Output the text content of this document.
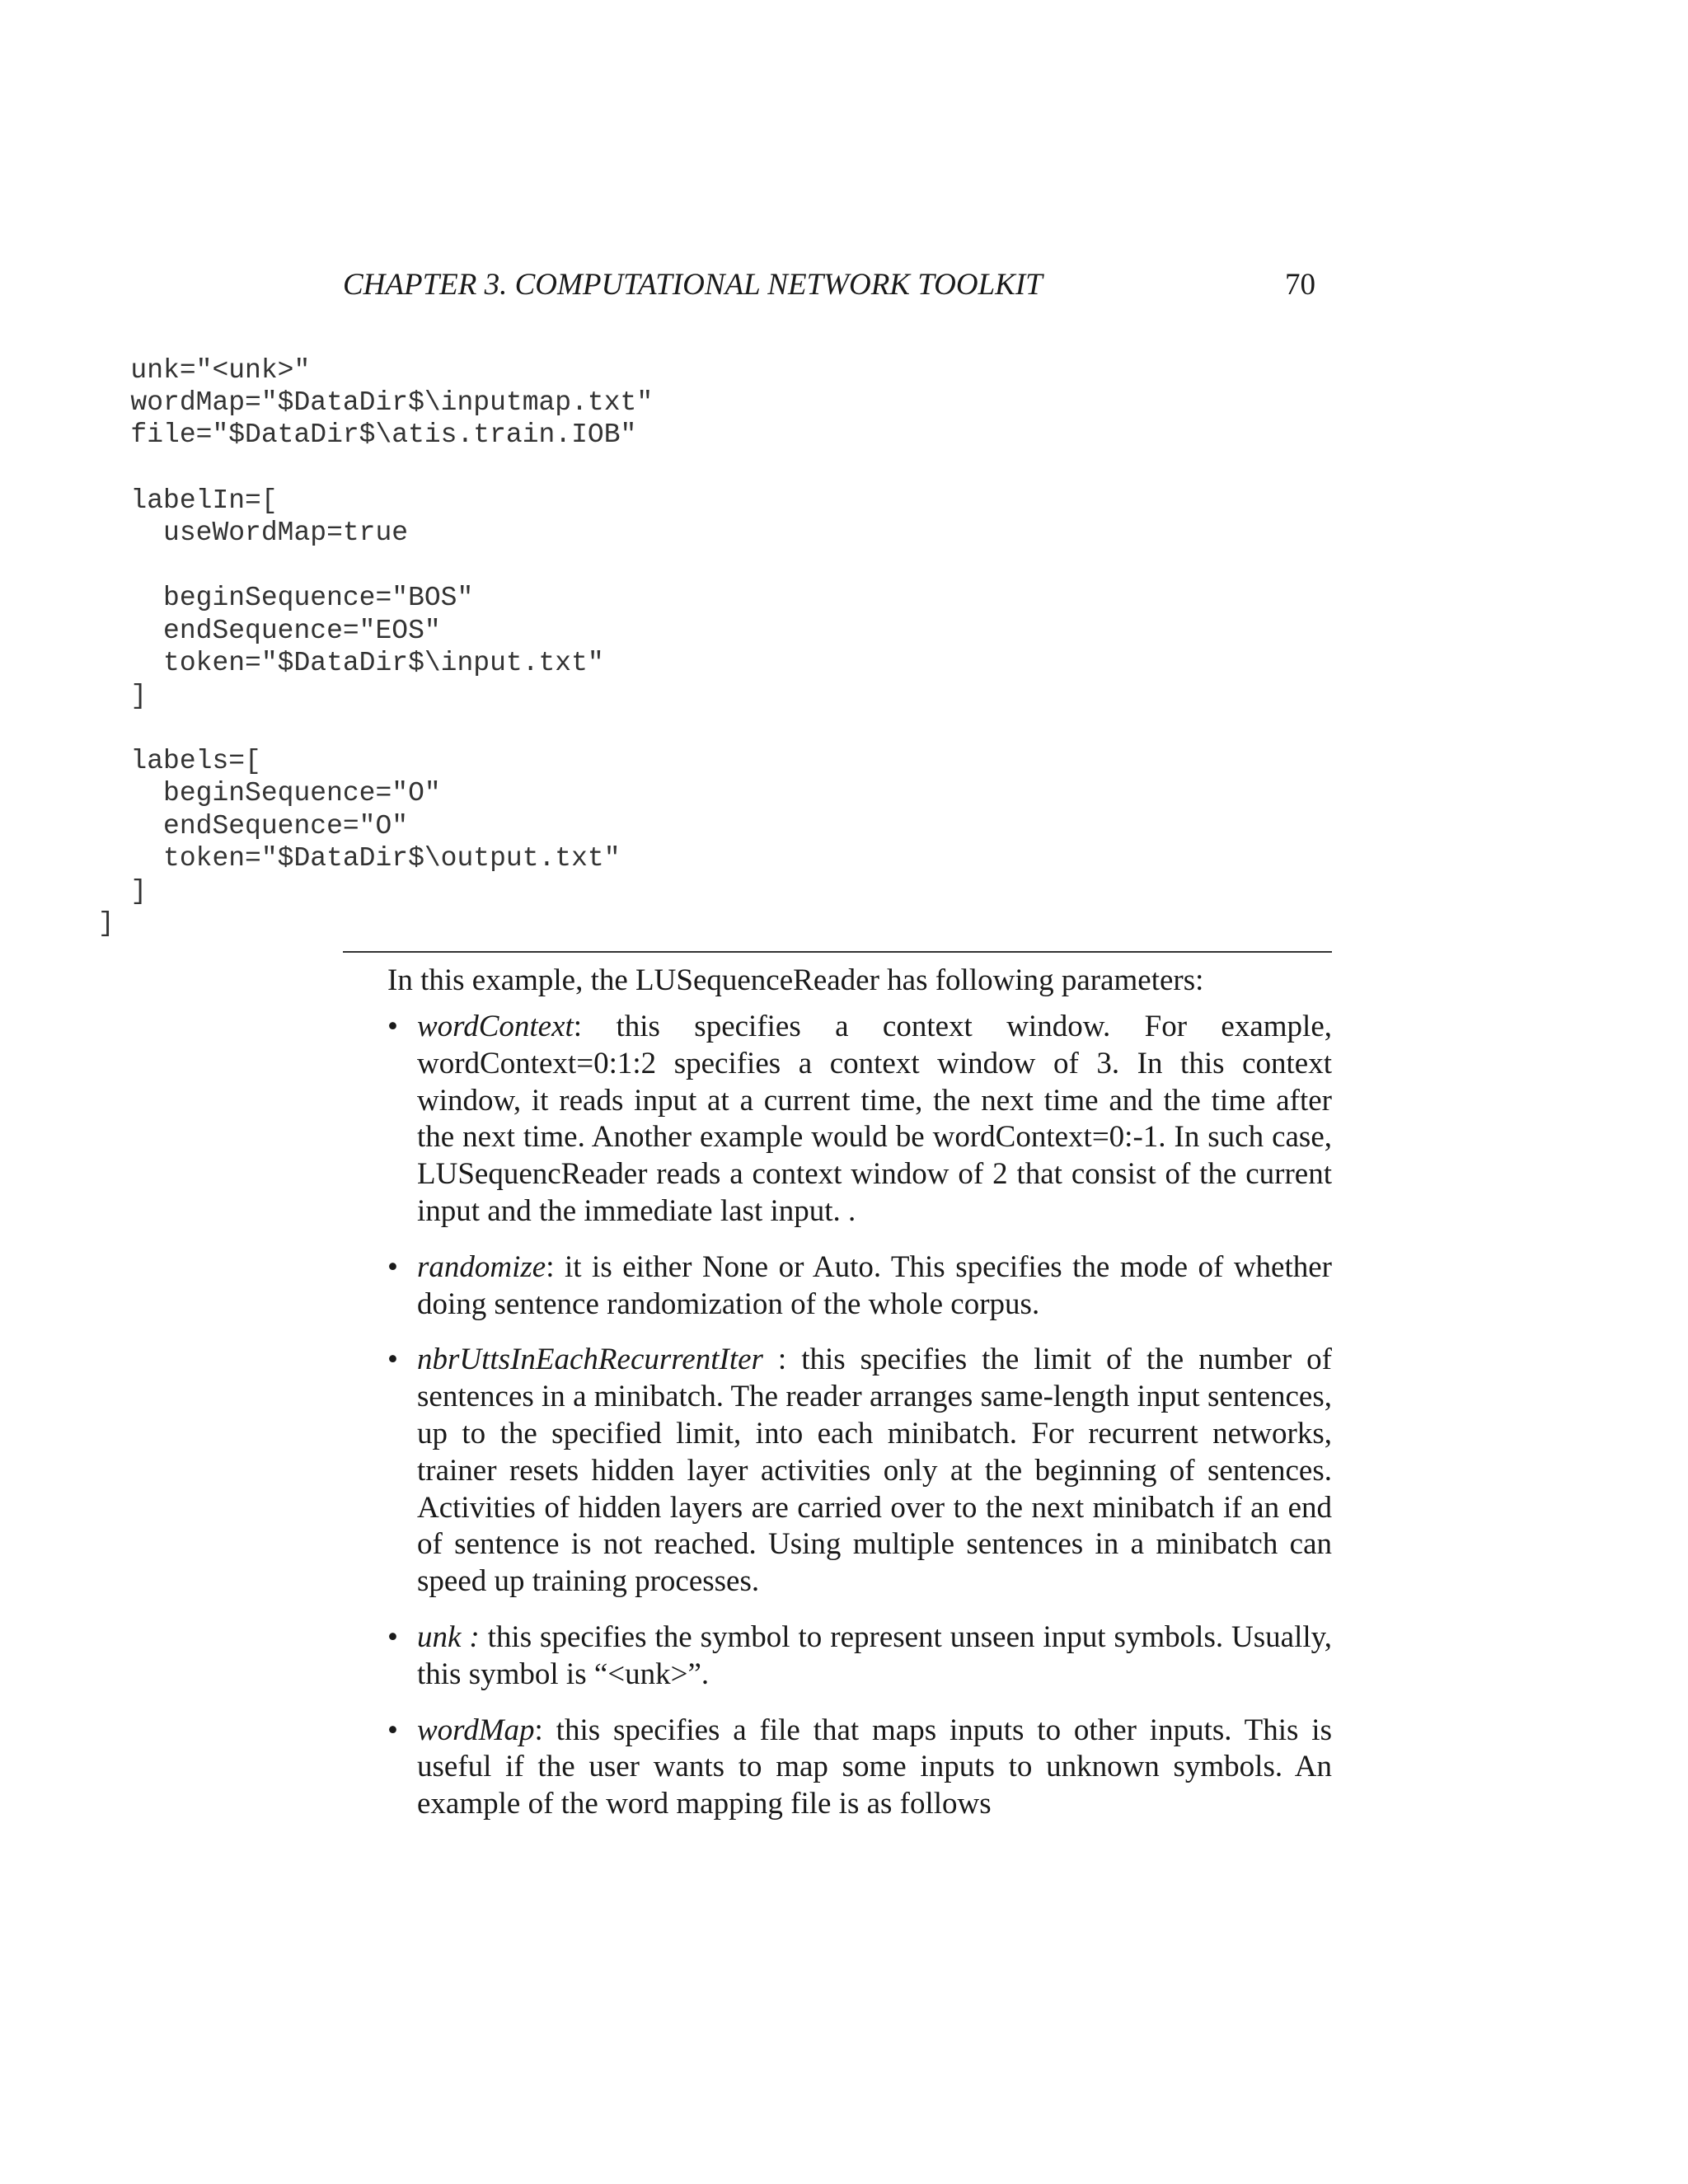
CHAPTER 3. COMPUTATIONAL NETWORK TOOLKIT	70

unk="<unk>"

wordMap="$DataDir$\inputmap.txt"

file="$DataDir$\atis.train.IOB"

labelIn=[

useWordMap=true

beginSequence="BOS"

endSequence="EOS"

token="$DataDir$\input.txt"

]

labels=[

beginSequence="O"

endSequence="O"

token="$DataDir$\output.txt"

]

]

In this example, the LUSequenceReader has following parameters:

• wordContext: this specifies a context window. For example, wordContext=0:1:2 specifies a context window of 3. In this context window, it reads input at a current time, the next time and the time after the next time. Another example would be wordContext=0:-1. In such case, LUSequencReader reads a context window of 2 that consist of the current input and the immediate last input. .
• randomize: it is either None or Auto. This specifies the mode of whether doing sentence randomization of the whole corpus.
• nbrUttsInEachRecurrentIter : this specifies the limit of the number of sentences in a minibatch. The reader arranges same-length input sentences, up to the specified limit, into each minibatch. For recurrent networks, trainer resets hidden layer activities only at the beginning of sentences. Activities of hidden layers are carried over to the next minibatch if an end of sentence is not reached. Using multiple sentences in a minibatch can speed up training processes.
• unk : this specifies the symbol to represent unseen input symbols. Usually, this symbol is “<unk>”.
• wordMap: this specifies a file that maps inputs to other inputs. This is useful if the user wants to map some inputs to unknown symbols. An example of the word mapping file is as follows
